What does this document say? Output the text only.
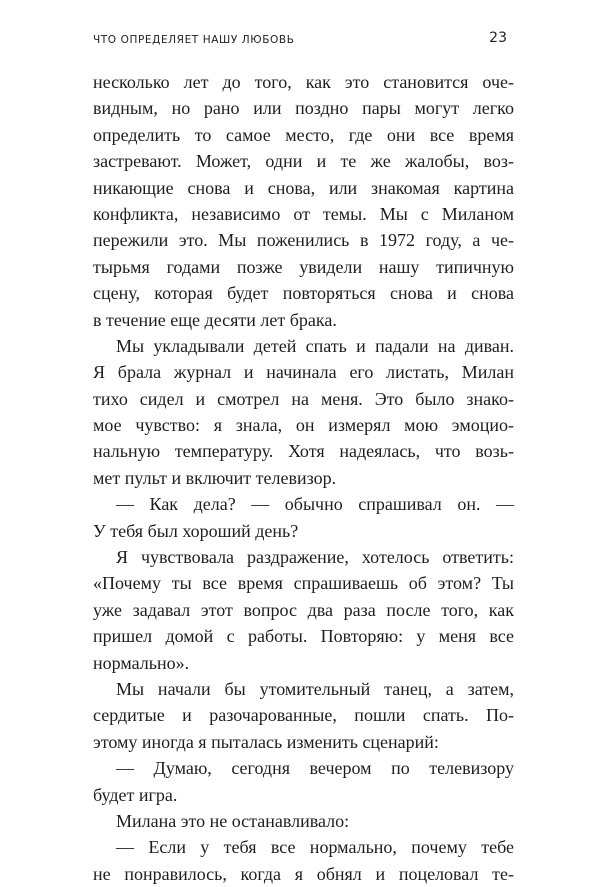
ЧТО ОПРЕДЕЛЯЕТ НАШУ ЛЮБОВЬ	23
несколько лет до того, как это становится оче-
видным, но рано или поздно пары могут легко
определить то самое место, где они все время
застревают. Может, одни и те же жалобы, воз-
никающие снова и снова, или знакомая картина
конфликта, независимо от темы. Мы с Миланом
пережили это. Мы поженились в 1972 году, а че-
тырьмя годами позже увидели нашу типичную
сцену, которая будет повторяться снова и снова
в течение еще десяти лет брака.
Мы укладывали детей спать и падали на диван.
Я брала журнал и начинала его листать, Милан
тихо сидел и смотрел на меня. Это было знако-
мое чувство: я знала, он измерял мою эмоцио-
нальную температуру. Хотя надеялась, что возь-
мет пульт и включит телевизор.
— Как дела? — обычно спрашивал он. —
У тебя был хороший день?
Я чувствовала раздражение, хотелось ответить:
«Почему ты все время спрашиваешь об этом? Ты
уже задавал этот вопрос два раза после того, как
пришел домой с работы. Повторяю: у меня все
нормально».
Мы начали бы утомительный танец, а затем,
сердитые и разочарованные, пошли спать. По-
этому иногда я пыталась изменить сценарий:
— Думаю, сегодня вечером по телевизору
будет игра.
Милана это не останавливало:
— Если у тебя все нормально, почему тебе
не понравилось, когда я обнял и поцеловал те-
